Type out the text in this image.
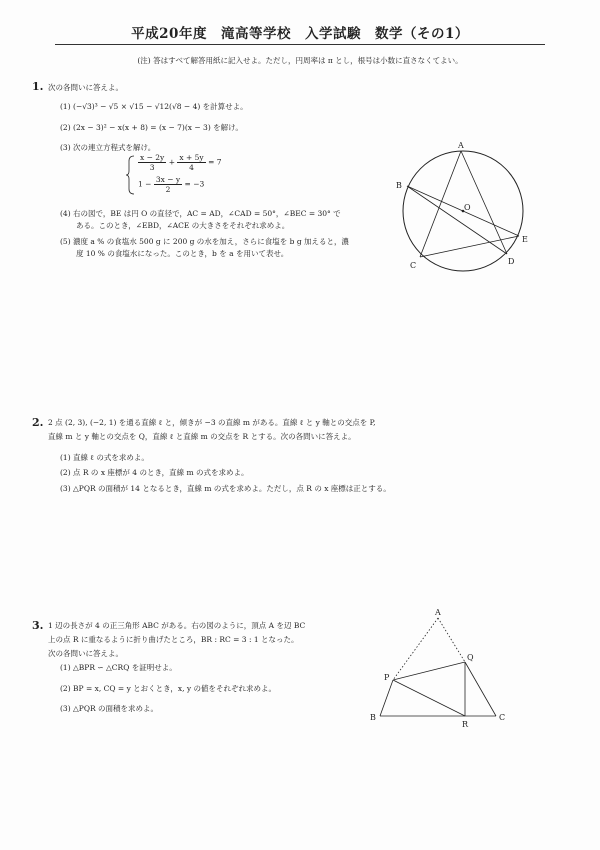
平成20年度　滝高等学校　入学試験　数学（その1）
(注) 答はすべて解答用紙に記入せよ。ただし，円周率は π とし，根号は小数に直さなくてよい。
1. 次の各問いに答えよ。
(1) (−√3)³ − √5 × √15 − √12(√8 − 4) を計算せよ。
(2) (2x − 3)² − x(x + 8) = (x − 7)(x − 3) を解け。
(3) 次の連立方程式を解け。
$\frac{x - 2y}{3} + \frac{x + 5y}{4} = 7$
$1 - \frac{3x - y}{2} = -3$
(4) 右の図で，BE は円 O の直径で，AC = AD，∠CAD = 50°，∠BEC = 30° で
ある。このとき，∠EBD，∠ACE の大きさをそれぞれ求めよ。
(5) 濃度 a % の食塩水 500 g に 200 g の水を加え，さらに食塩を b g 加えると，濃
度 10 % の食塩水になった。このとき，b を a を用いて表せ。
A
B
C	D
E
O
2. 2 点 (2, 3), (−2, 1) を通る直線 ℓ と，傾きが −3 の直線 m がある。直線 ℓ と y 軸との交点を P,
直線 m と y 軸との交点を Q，直線 ℓ と直線 m の交点を R とする。次の各問いに答えよ。
(1) 直線 ℓ の式を求めよ。
(2) 点 R の x 座標が 4 のとき，直線 m の式を求めよ。
(3) △PQR の面積が 14 となるとき，直線 m の式を求めよ。ただし，点 R の x 座標は正とする。
3. 1 辺の長さが 4 の正三角形 ABC がある。右の図のように，頂点 A を辺 BC
上の点 R に重なるように折り曲げたところ，BR : RC = 3 : 1 となった。
次の各問いに答えよ。
(1) △BPR ∽ △CRQ を証明せよ。
(2) BP = x, CQ = y とおくとき，x, y の値をそれぞれ求めよ。
(3) △PQR の面積を求めよ。
A
B	C
P
Q
R
